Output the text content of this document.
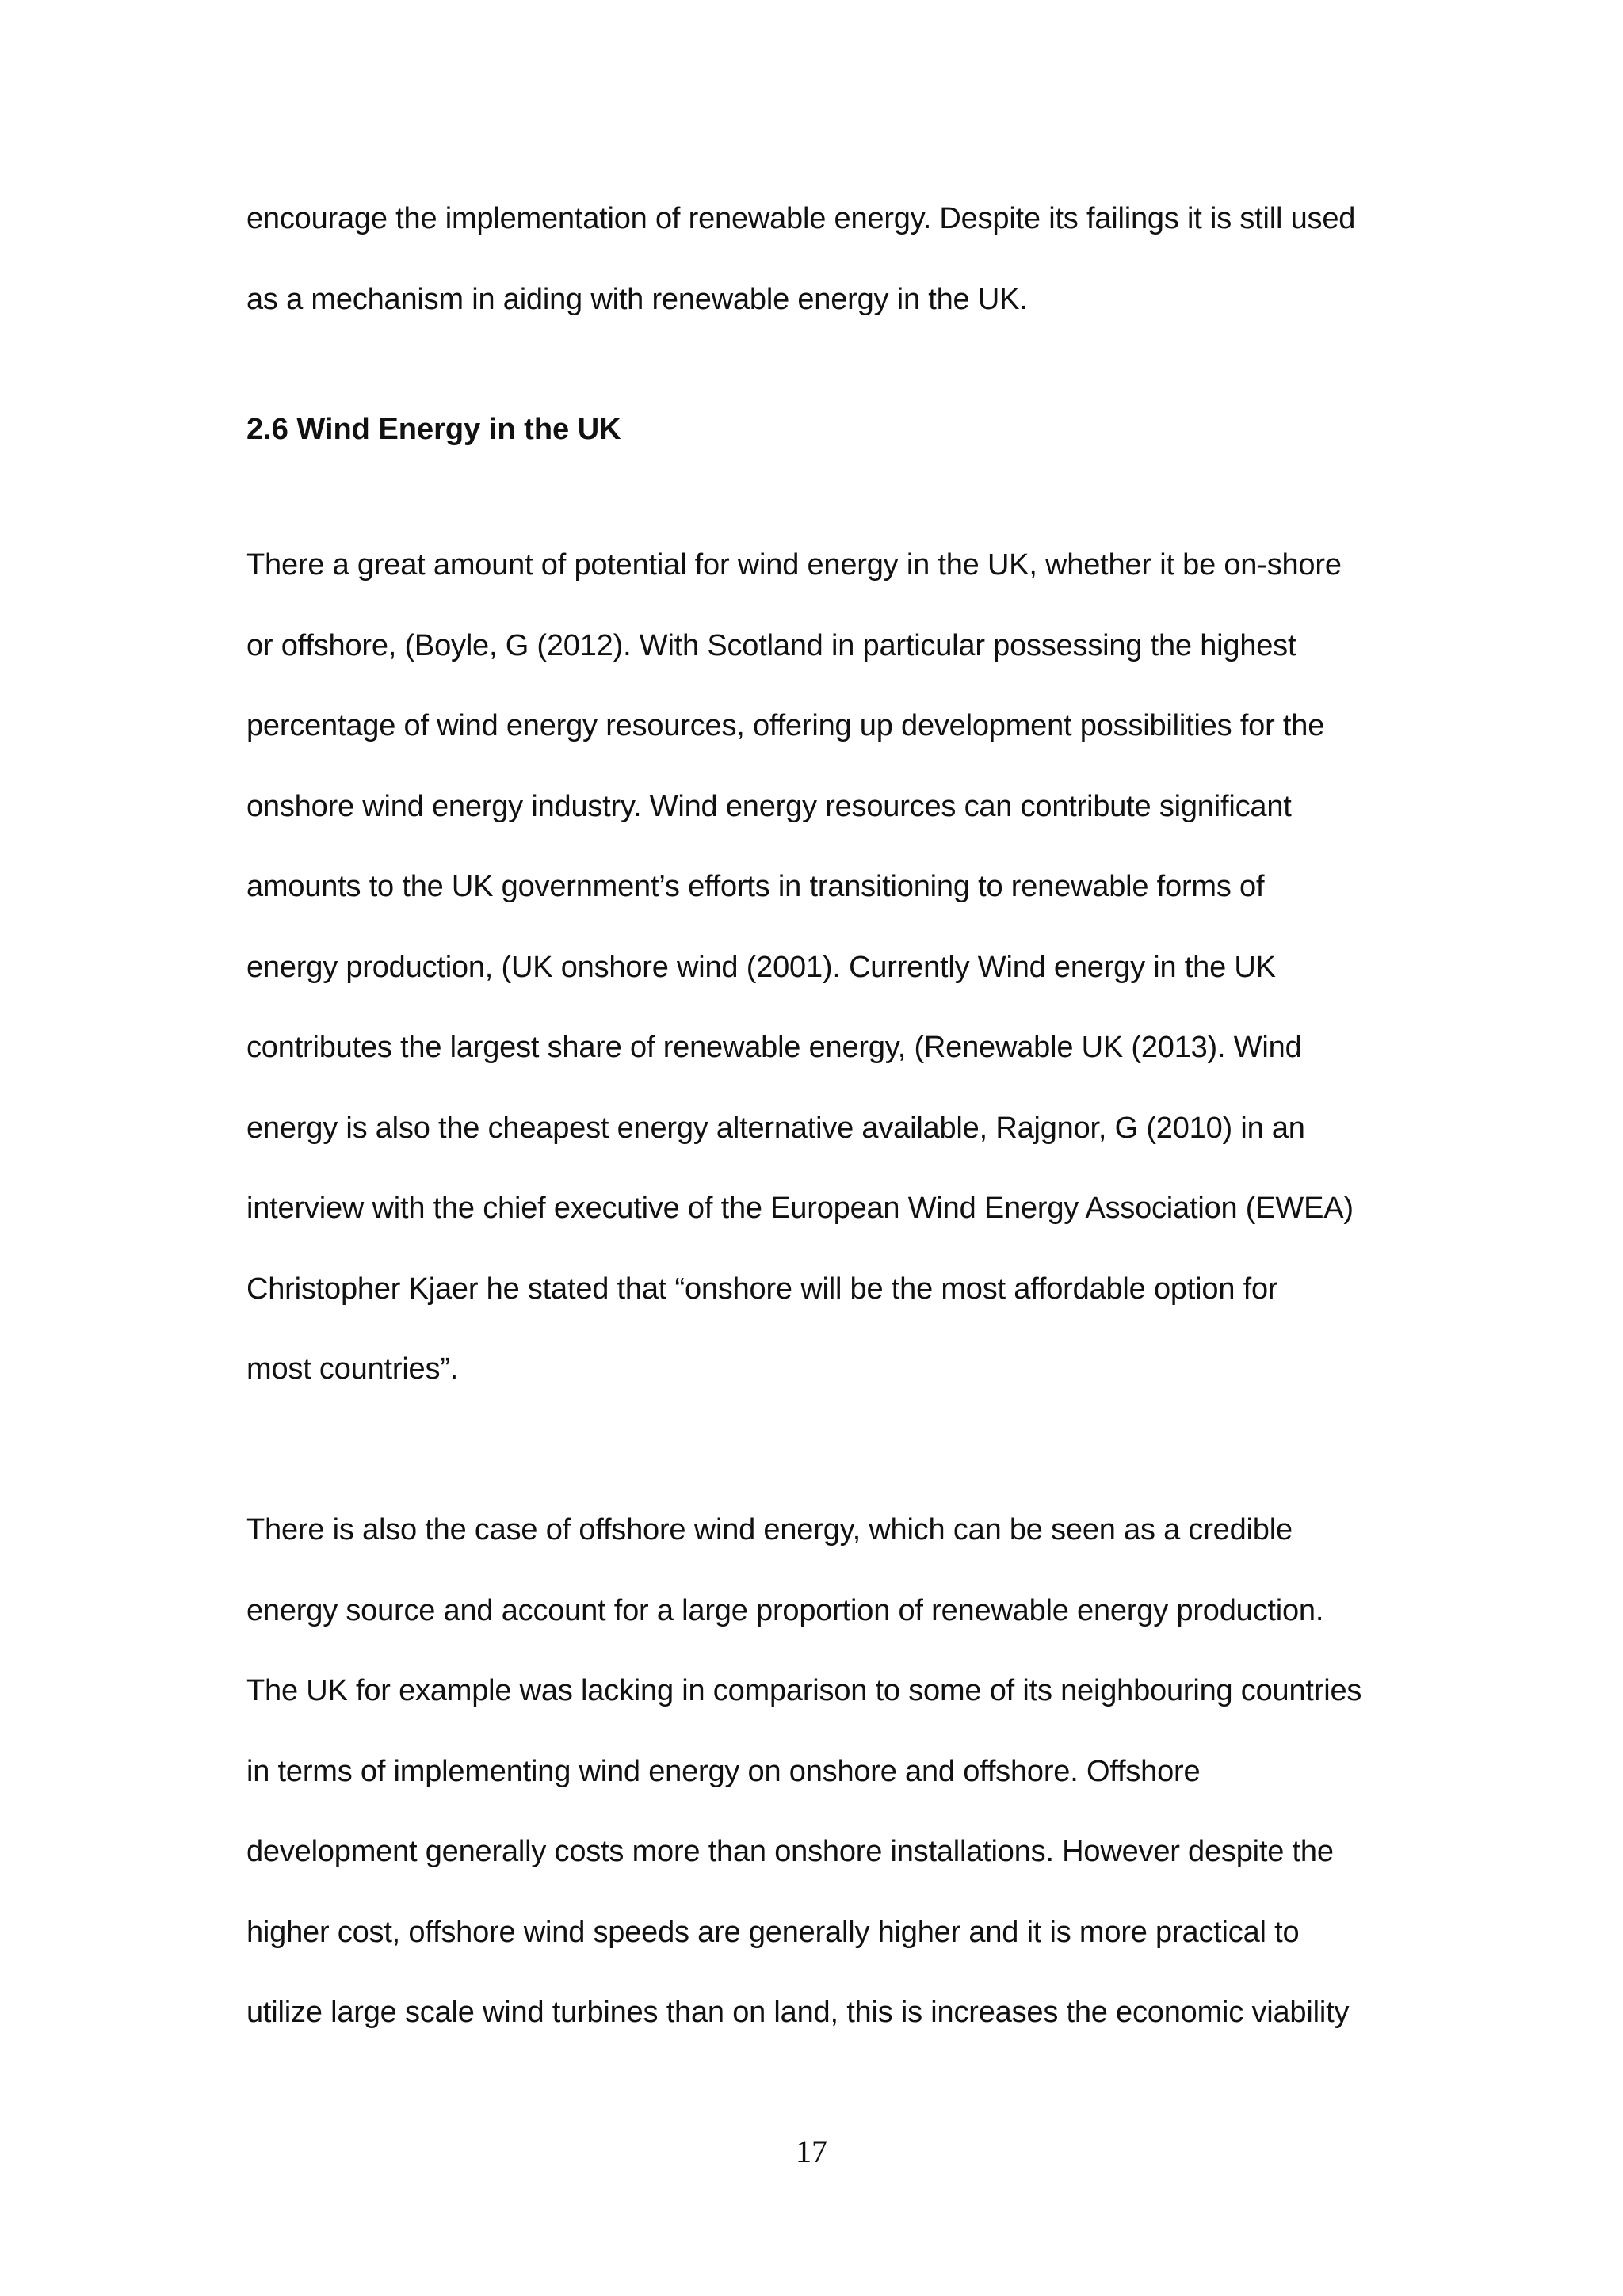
encourage the implementation of renewable energy. Despite its failings it is still used
as a mechanism in aiding with renewable energy in the UK.
2.6 Wind Energy in the UK
There a great amount of potential for wind energy in the UK, whether it be on-shore
or offshore, (Boyle, G (2012). With Scotland in particular possessing the highest
percentage of wind energy resources, offering up development possibilities for the
onshore wind energy industry. Wind energy resources can contribute significant
amounts to the UK government’s efforts in transitioning to renewable forms of
energy production, (UK onshore wind (2001). Currently Wind energy in the UK
contributes the largest share of renewable energy, (Renewable UK (2013). Wind
energy is also the cheapest energy alternative available, Rajgnor, G (2010) in an
interview with the chief executive of the European Wind Energy Association (EWEA)
Christopher Kjaer he stated that “onshore will be the most affordable option for
most countries”.
There is also the case of offshore wind energy, which can be seen as a credible
energy source and account for a large proportion of renewable energy production.
The UK for example was lacking in comparison to some of its neighbouring countries
in terms of implementing wind energy on onshore and offshore. Offshore
development generally costs more than onshore installations. However despite the
higher cost, offshore wind speeds are generally higher and it is more practical to
utilize large scale wind turbines than on land, this is increases the economic viability
17
